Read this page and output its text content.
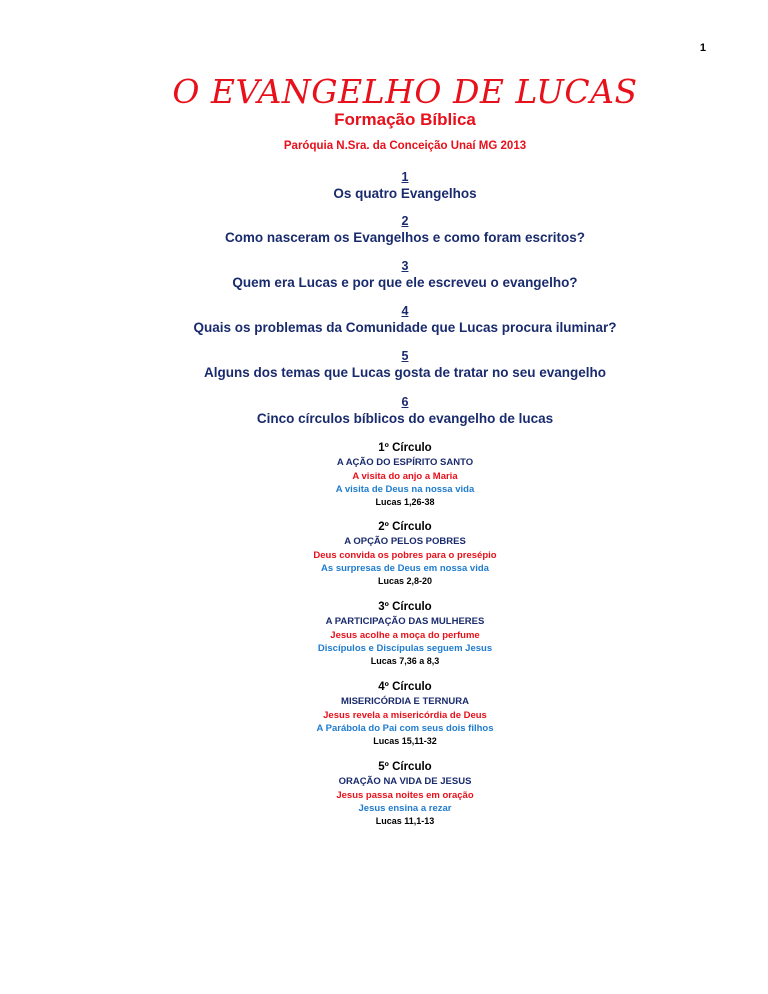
1
O EVANGELHO DE LUCAS
Formação Bíblica
Paróquia N.Sra. da Conceição Unaí MG 2013
1
Os quatro Evangelhos
2
Como nasceram os Evangelhos e como foram escritos?
3
Quem era Lucas e por que ele escreveu o evangelho?
4
Quais os problemas da Comunidade que Lucas procura iluminar?
5
Alguns dos temas que Lucas gosta de tratar no seu evangelho
6
Cinco círculos bíblicos do evangelho de lucas
1º Círculo
A AÇÃO DO ESPÍRITO SANTO
A visita do anjo a Maria
A visita de Deus na nossa vida
Lucas 1,26-38
2º Círculo
A OPÇÃO PELOS POBRES
Deus convida os pobres para o presépio
As surpresas de Deus em nossa vida
Lucas 2,8-20
3º Círculo
A PARTICIPAÇÃO DAS MULHERES
Jesus acolhe a moça do perfume
Discípulos e Discípulas seguem Jesus
Lucas 7,36 a 8,3
4º Círculo
MISERICÓRDIA E TERNURA
Jesus revela a misericórdia de Deus
A Parábola do Pai com seus dois filhos
Lucas 15,11-32
5º Círculo
ORAÇÃO NA VIDA DE JESUS
Jesus passa noites em oração
Jesus ensina a rezar
Lucas 11,1-13
